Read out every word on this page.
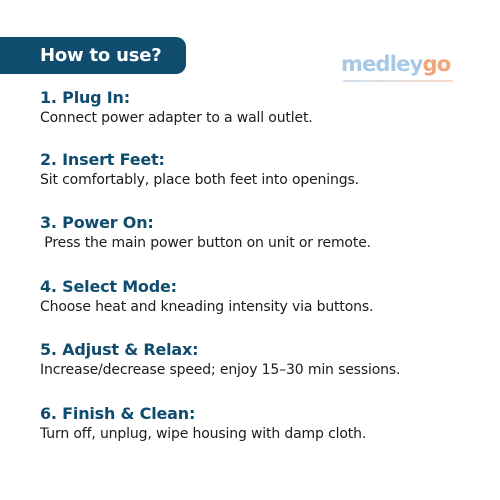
How to use?	medleygo
1. Plug In:
Connect power adapter to a wall outlet.
2. Insert Feet:
Sit comfortably, place both feet into openings.
3. Power On:
Press the main power button on unit or remote.
4. Select Mode:
Choose heat and kneading intensity via buttons.
5. Adjust & Relax:
Increase/decrease speed; enjoy 15–30 min sessions.
6. Finish & Clean:
Turn off, unplug, wipe housing with damp cloth.
